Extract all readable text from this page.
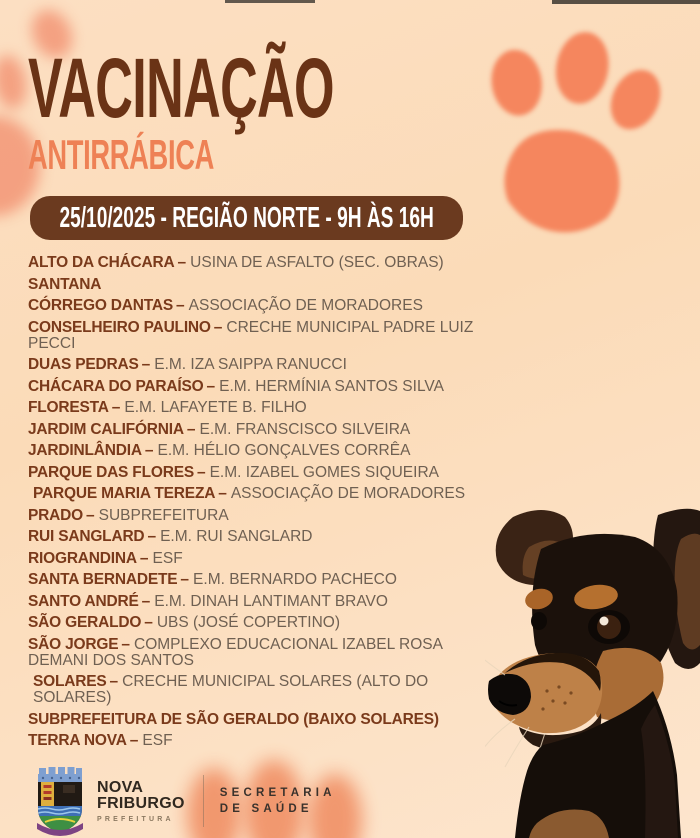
VACINAÇÃO
ANTIRRÁBICA
25/10/2025 - REGIÃO NORTE - 9H ÀS 16H
ALTO DA CHÁCARA – USINA DE ASFALTO (SEC. OBRAS)
SANTANA
CÓRREGO DANTAS – ASSOCIAÇÃO DE MORADORES
CONSELHEIRO PAULINO – CRECHE MUNICIPAL PADRE LUIZ PECCI
DUAS PEDRAS – E.M. IZA SAIPPA RANUCCI
CHÁCARA DO PARAÍSO – E.M. HERMÍNIA SANTOS SILVA
FLORESTA – E.M. LAFAYETE B. FILHO
JARDIM CALIFÓRNIA – E.M. FRANSCISCO SILVEIRA
JARDINLÂNDIA – E.M. HÉLIO GONÇALVES CORRÊA
PARQUE DAS FLORES – E.M. IZABEL GOMES SIQUEIRA
PARQUE MARIA TEREZA – ASSOCIAÇÃO DE MORADORES
PRADO – SUBPREFEITURA
RUI SANGLARD – E.M. RUI SANGLARD
RIOGRANDINA – ESF
SANTA BERNADETE – E.M. BERNARDO PACHECO
SANTO ANDRÉ – E.M. DINAH LANTIMANT BRAVO
SÃO GERALDO – UBS (JOSÉ COPERTINO)
SÃO JORGE – COMPLEXO EDUCACIONAL IZABEL ROSA DEMANI DOS SANTOS
SOLARES – CRECHE MUNICIPAL SOLARES (ALTO DO SOLARES)
SUBPREFEITURA DE SÃO GERALDO (BAIXO SOLARES)
TERRA NOVA – ESF
NOVA
FRIBURGO
PREFEITURA
SECRETARIA
DE SAÚDE
